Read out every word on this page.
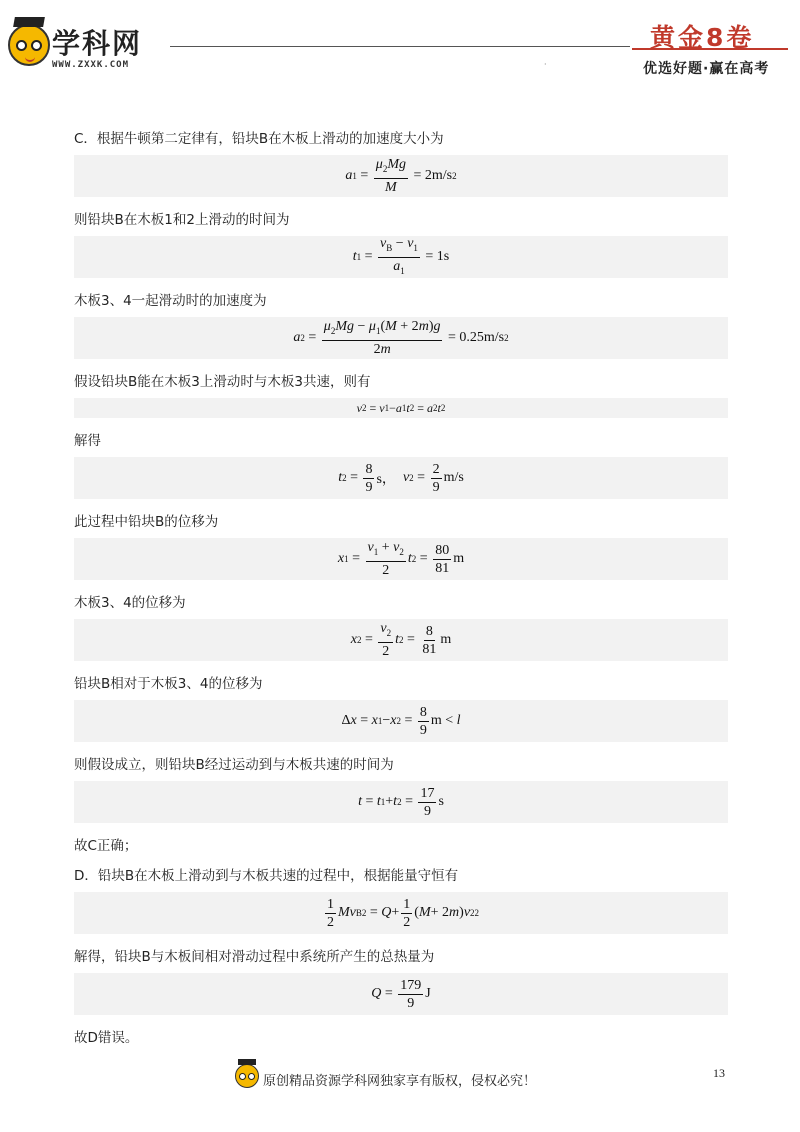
学科网
WWW.ZXXK.COM
黄金8卷
优选好题·赢在高考
·

C．根据牛顿第二定律有，铅块B在木板上滑动的加速度大小为

a $1 = \frac{\mu_2Mg}{M}$
= 2m/s 2

则铅块B在木板1和2上滑动的时间为

t $1 = \frac{v_B - v_1}{a_1}$
= 1s

木板3、4一起滑动时的加速度为

a $2 = \frac{\mu_2Mg - \mu_1(M + 2m)g}{2m}$
= 0.25m/s 2

假设铅块B能在木板3上滑动时与木板3共速，则有

v 2 = v 1 − a 1 t 2 = a 2 t 2

解得

t $2 = \frac{8}{9}$ s，
v $2 = \frac{2}{9} m/s$

此过程中铅块B的位移为

x $1 = \frac{v_1 + v_2}{2}$ t $2 = \frac{80}{81}$ m

木板3、4的位移为

x $2 = \frac{v_2}{2}$ t $2 = \frac{8}{81}$ m

铅块B相对于木板3、4的位移为

Δ x = x 1 − x $2 = \frac{8}{9}$ m < l

则假设成立，则铅块B经过运动到与木板共速的时间为

t = t 1 + t $2 = \frac{17}{9}$ s

故C正确；

D．铅块B在木板上滑动到与木板共速的过程中，根据能量守恒有

$\frac{1}{2}$ Mv B $2 = Q + \frac{1}{2}$ ( M + 2 m ) v 2 2

解得，铅块B与木板间相对滑动过程中系统所产生的总热量为

$Q = \frac{179}{9}$ J

故D错误。

原创精品资源学科网独家享有版权，侵权必究！
13
